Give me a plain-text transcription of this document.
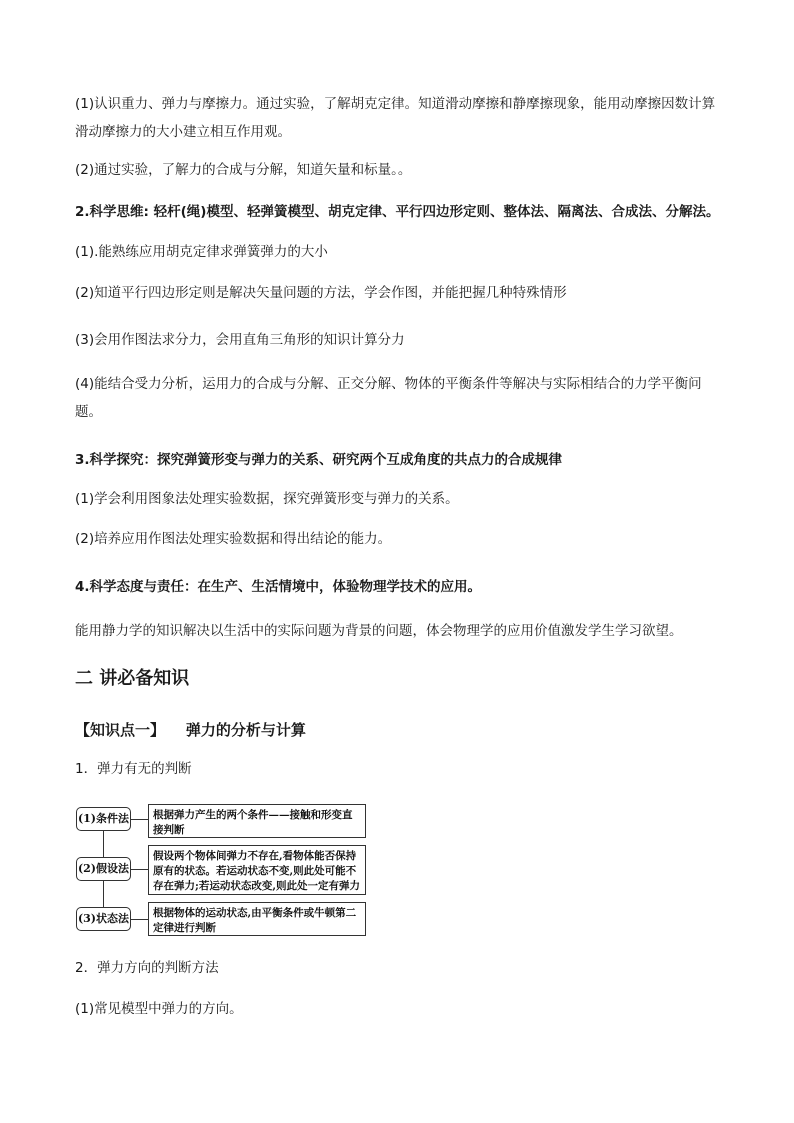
(1)认识重力、弹力与摩擦力。通过实验，了解胡克定律。知道滑动摩擦和静摩擦现象，能用动摩擦因数计算滑动摩擦力的大小建立相互作用观。
(2)通过实验，了解力的合成与分解，知道矢量和标量。。
2.科学思维: 轻杆(绳)模型、轻弹簧模型、胡克定律、平行四边形定则、整体法、隔离法、合成法、分解法。
(1).能熟练应用胡克定律求弹簧弹力的大小
(2)知道平行四边形定则是解决矢量问题的方法，学会作图，并能把握几种特殊情形
(3)会用作图法求分力，会用直角三角形的知识计算分力
(4)能结合受力分析，运用力的合成与分解、正交分解、物体的平衡条件等解决与实际相结合的力学平衡问题。
3.科学探究：探究弹簧形变与弹力的关系、研究两个互成角度的共点力的合成规律
(1)学会利用图象法处理实验数据，探究弹簧形变与弹力的关系。
(2)培养应用作图法处理实验数据和得出结论的能力。
4.科学态度与责任：在生产、生活情境中，体验物理学技术的应用。
能用静力学的知识解决以生活中的实际问题为背景的问题，体会物理学的应用价值激发学生学习欲望。
二 讲必备知识
【知识点一】    弹力的分析与计算
1．弹力有无的判断
(1)条件法	根据弹力产生的两个条件——接触和形变直接判断
(2)假设法
假设两个物体间弹力不存在,看物体能否保持原有的状态。若运动状态不变,则此处可能不存在弹力;若运动状态改变,则此处一定有弹力
(3)状态法	根据物体的运动状态,由平衡条件或牛顿第二定律进行判断
2．弹力方向的判断方法
(1)常见模型中弹力的方向。
